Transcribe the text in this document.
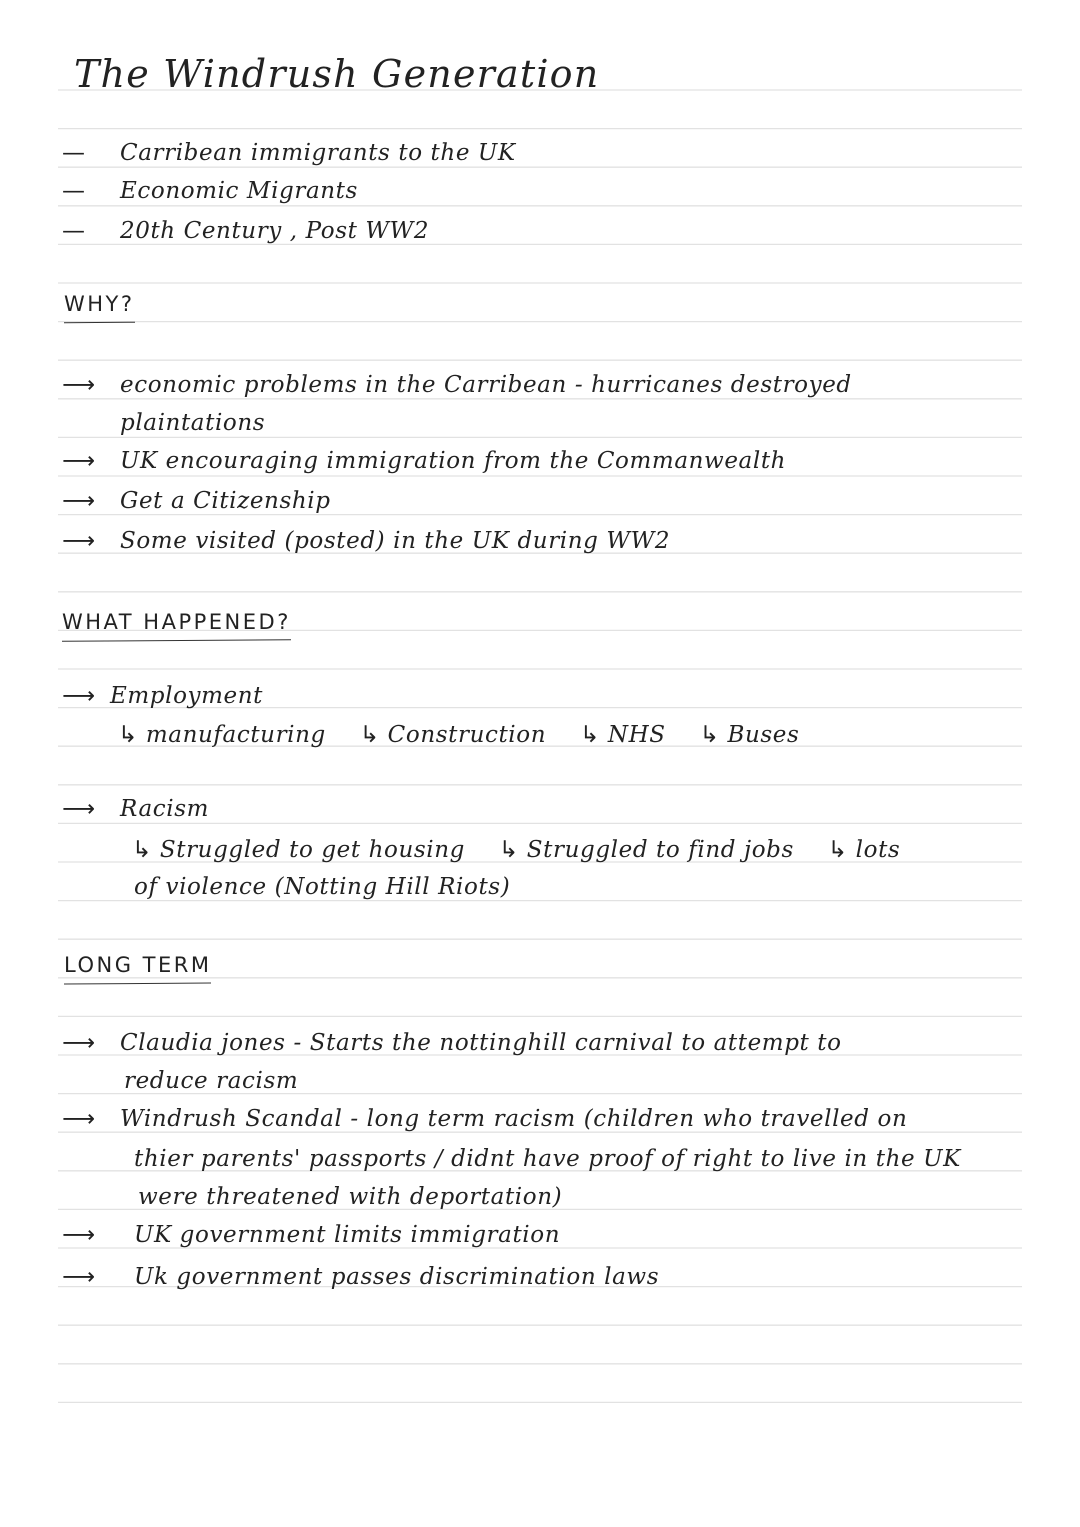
The Windrush Generation
— Carribean immigrants to the UK
— Economic Migrants
— 20th Century , Post WW2
WHY?
⟶ economic problems in the Carribean - hurricanes destroyed
plaintations
⟶ UK encouraging immigration from the Commanwealth
⟶ Get a Citizenship
⟶ Some visited (posted) in the UK during WW2
WHAT HAPPENED?
⟶ Employment
↳ manufacturing ↳ Construction ↳ NHS ↳ Buses
⟶ Racism
↳ Struggled to get housing ↳ Struggled to find jobs ↳ lots
of violence (Notting Hill Riots)
LONG TERM
⟶ Claudia jones - Starts the nottinghill carnival to attempt to
reduce racism
⟶ Windrush Scandal - long term racism (children who travelled on
thier parents' passports / didnt have proof of right to live in the UK
were threatened with deportation)
⟶ UK government limits immigration
⟶ Uk government passes discrimination laws
